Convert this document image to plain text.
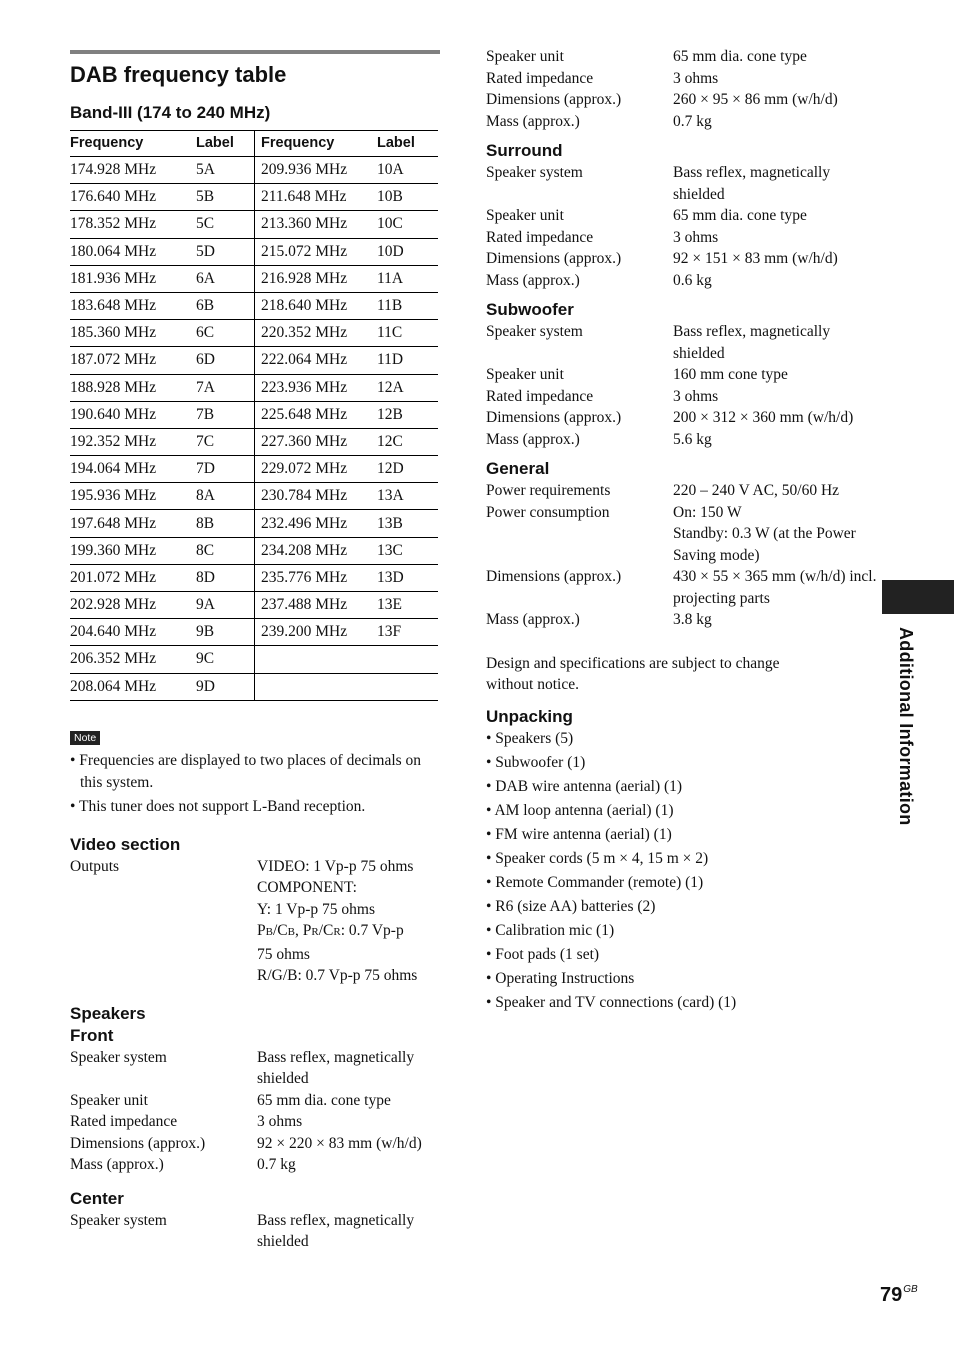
DAB frequency table
Band-III (174 to 240 MHz)
Frequency	Label	Frequency	Label
174.928 MHz	5A	209.936 MHz	10A
176.640 MHz	5B	211.648 MHz	10B
178.352 MHz	5C	213.360 MHz	10C
180.064 MHz	5D	215.072 MHz	10D
181.936 MHz	6A	216.928 MHz	11A
183.648 MHz	6B	218.640 MHz	11B
185.360 MHz	6C	220.352 MHz	11C
187.072 MHz	6D	222.064 MHz	11D
188.928 MHz	7A	223.936 MHz	12A
190.640 MHz	7B	225.648 MHz	12B
192.352 MHz	7C	227.360 MHz	12C
194.064 MHz	7D	229.072 MHz	12D
195.936 MHz	8A	230.784 MHz	13A
197.648 MHz	8B	232.496 MHz	13B
199.360 MHz	8C	234.208 MHz	13C
201.072 MHz	8D	235.776 MHz	13D
202.928 MHz	9A	237.488 MHz	13E
204.640 MHz	9B	239.200 MHz	13F
206.352 MHz	9C		
208.064 MHz	9D		
Note
• Frequencies are displayed to two places of decimals on this system.
• This tuner does not support L-Band reception.
Video section
Outputs	VIDEO: 1 Vp-p 75 ohms
COMPONENT:
Y: 1 Vp-p 75 ohms
PB/CB, PR/CR: 0.7 Vp-p
75 ohms
R/G/B: 0.7 Vp-p 75 ohms
Speakers
Front
Speaker system	Bass reflex, magnetically shielded
Speaker unit	65 mm dia. cone type
Rated impedance	3 ohms
Dimensions (approx.)	92 × 220 × 83 mm (w/h/d)
Mass (approx.)	0.7 kg
Center
Speaker system	Bass reflex, magnetically shielded
Speaker unit	65 mm dia. cone type
Rated impedance	3 ohms
Dimensions (approx.)	260 × 95 × 86 mm (w/h/d)
Mass (approx.)	0.7 kg
Surround
Speaker system	Bass reflex, magnetically shielded
Speaker unit	65 mm dia. cone type
Rated impedance	3 ohms
Dimensions (approx.)	92 × 151 × 83 mm (w/h/d)
Mass (approx.)	0.6 kg
Subwoofer
Speaker system	Bass reflex, magnetically shielded
Speaker unit	160 mm cone type
Rated impedance	3 ohms
Dimensions (approx.)	200 × 312 × 360 mm (w/h/d)
Mass (approx.)	5.6 kg
General
Power requirements	220 – 240 V AC, 50/60 Hz
Power consumption	On: 150 W
Standby: 0.3 W (at the Power Saving mode)
Dimensions (approx.)	430 × 55 × 365 mm (w/h/d) incl. projecting parts
Mass (approx.)	3.8 kg
Design and specifications are subject to change without notice.
Unpacking
• Speakers (5)
• Subwoofer (1)
• DAB wire antenna (aerial) (1)
• AM loop antenna (aerial) (1)
• FM wire antenna (aerial) (1)
• Speaker cords (5 m × 4, 15 m × 2)
• Remote Commander (remote) (1)
• R6 (size AA) batteries (2)
• Calibration mic (1)
• Foot pads (1 set)
• Operating Instructions
• Speaker and TV connections (card) (1)
Additional Information
$79^{GB}$
